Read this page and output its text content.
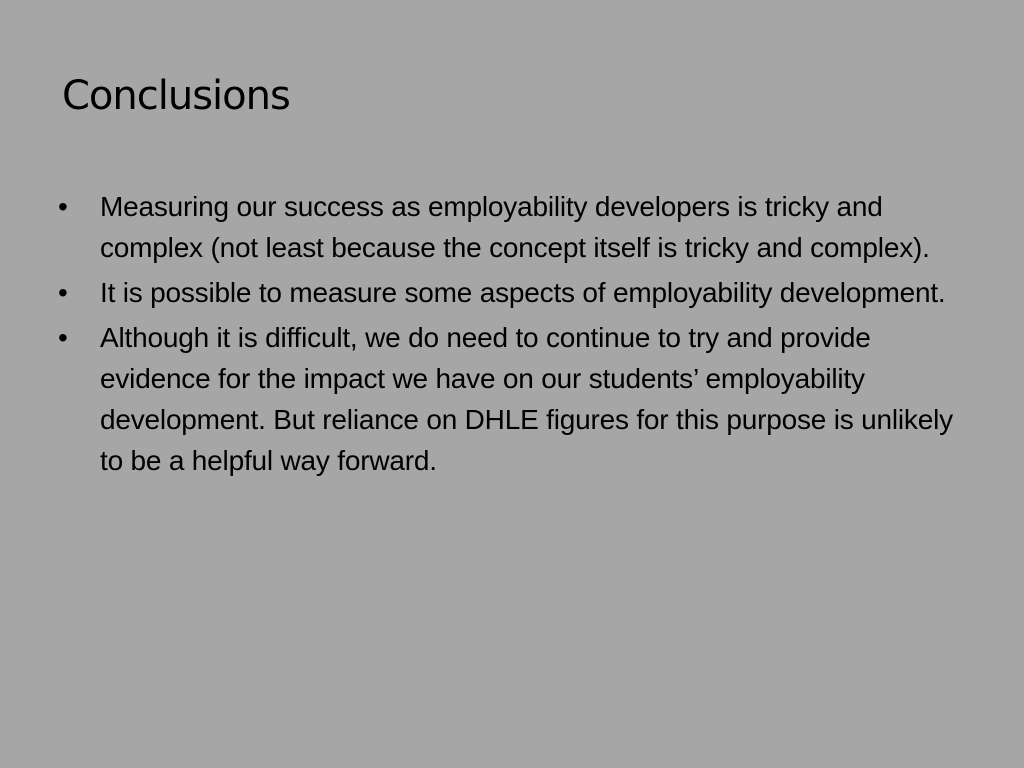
Conclusions
•	Measuring our success as employability developers is tricky and complex (not least because the concept itself is tricky and complex).
•	It is possible to measure some aspects of employability development.
•	Although it is difficult, we do need to continue to try and provide evidence for the impact we have on our students’ employability development. But reliance on DHLE figures for this purpose is unlikely to be a helpful way forward.
